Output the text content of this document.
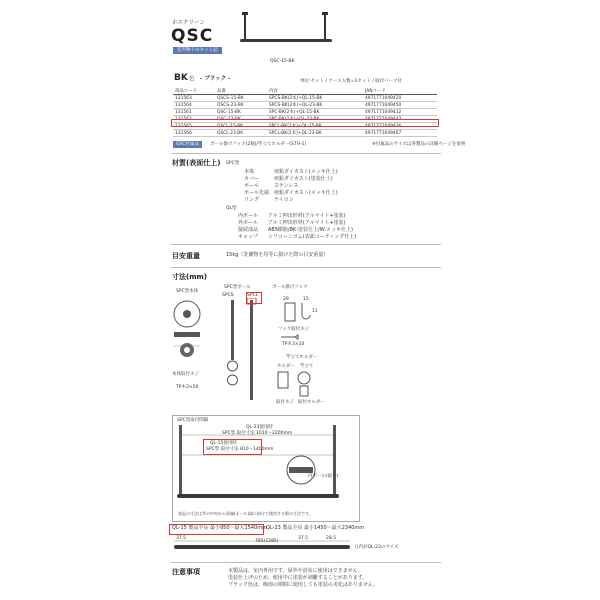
ホスクリーン
QSC
室内物干のセット品
QSC-15-BK
BK 色 - ブラック -	単位:セット / ケース入数=1セット / 取付パーツ付
商品コード	品番	内容	JANコード
131563	QSCS-15-BK	SPCS-BK(2本)+QL-15-BK	4971771049420
131564	QSCS-23-BK	SPCS-BK(2本)+QL-23-BK	4971771049450
131561	QSC-15-BK	SPC-BK(2本)+QL-15-BK	4971771049412
131562	QSC-23-BK	SPC-BK(2本)+QL-23-BK	4971771049443
131565	QSCL-15-BK	SPCL-BK(2本)+QL-15-BK	4971771049436
131566	QSCL-23-BK	SPCL-BK(2本)+QL-23-BK	4971771049467
QSC付属品	ポール掛けフック(2個)/竿立てホルダー(STH-1)	※付属品のサイズは各製品の詳細ページを参照
材質(表面仕上) SPC型
本体	亜鉛ダイカスト(メッキ仕上)
カバー	亜鉛ダイカスト(塗装仕上)
ポール	ステンレス
ポール先端 亜鉛ダイカスト(メッキ仕上)
リング	ナイロン
QL型
内ポール アルミ押出形材(アルマイト+塗装)
外ポール アルミ押出形材(アルマイト+塗装)
接続部品 ABS樹脂/BK:塗装仕上/W:メッキ仕上)
キャップ シリコーンゴム(表面コーティング仕上)
目安重量	15kg（洗濯物を均等に掛けた際の目安重量）
寸法(mm)
SPC型本体
SPC型ポール	ポール掛けフック
本体取付ネジ
TP木3×50
SPCS	SPCL
29	15
11
フック取付ネジ
TP木3×10
竿立てホルダー
ホルダー 竿立て
取付ネジ 取付ホルダー
SPC型取付間隔
QL-23使用時
SPC型 取付寸法 1010〜2200mm
QL-15使用時
SPC型 取付寸法 810〜1400mm
内ポール(最小)
表記の寸法は竿の中央から両端(ポール)部に掛けて使用する際の寸法です。
QL-15 製品全長 最小950〜最大1540mm QL-23 製品全長 最小1450〜最大2340mm
37.5
785(1285)
37.5	28.5
()内がQL-23のサイズ
注意事項	本製品は、室内専用です。屋外や浴室に使用はできません。
塗装仕上げのため、使用中に塗装が剥離することがあります。
ブラック色は、梅雨の期間に使用しても塗装の劣化はありません。
